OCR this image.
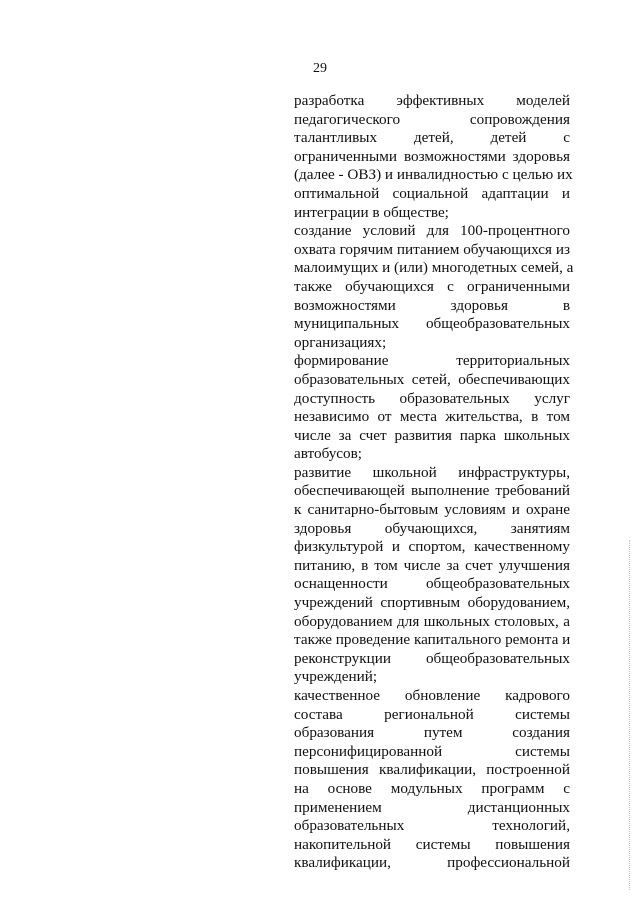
29
разработка эффективных моделей
педагогического сопровождения
талантливых детей, детей с
ограниченными возможностями здоровья
(далее - ОВЗ) и инвалидностью с целью их
оптимальной социальной адаптации и
интеграции в обществе;
создание условий для 100-процентного
охвата горячим питанием обучающихся из
малоимущих и (или) многодетных семей, а
также обучающихся с ограниченными
возможностями здоровья в
муниципальных общеобразовательных
организациях;
формирование территориальных
образовательных сетей, обеспечивающих
доступность образовательных услуг
независимо от места жительства, в том
числе за счет развития парка школьных
автобусов;
развитие школьной инфраструктуры,
обеспечивающей выполнение требований
к санитарно-бытовым условиям и охране
здоровья обучающихся, занятиям
физкультурой и спортом, качественному
питанию, в том числе за счет улучшения
оснащенности общеобразовательных
учреждений спортивным оборудованием,
оборудованием для школьных столовых, а
также проведение капитального ремонта и
реконструкции общеобразовательных
учреждений;
качественное обновление кадрового
состава региональной системы
образования путем создания
персонифицированной системы
повышения квалификации, построенной
на основе модульных программ с
применением дистанционных
образовательных технологий,
накопительной системы повышения
квалификации, профессиональной
